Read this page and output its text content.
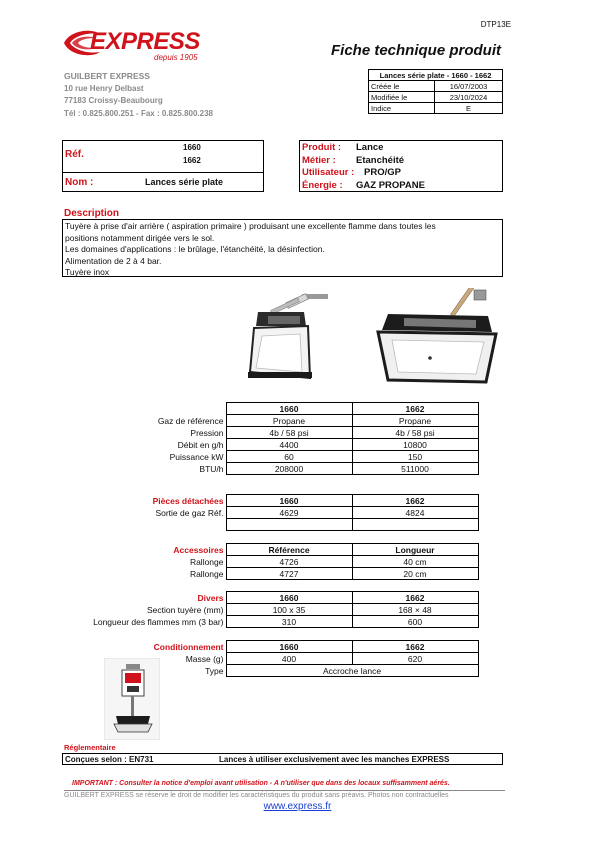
EXPRESS
depuis 1905
DTP13E
Fiche technique produit
GUILBERT EXPRESS
10 rue Henry Delbast
77183 Croissy-Beaubourg
Tél : 0.825.800.251 - Fax : 0.825.800.238
Lances série plate - 1660 - 1662	
Créée le	16/07/2003
Modifiée le	23/10/2024
Indice	E
Réf.
1660
1662
Nom :	Lances série plate
Produit : Lance
Métier : Etanchéité
Utilisateur : PRO/GP
Énergie : GAZ PROPANE
Description
Tuyère à prise d'air arrière ( aspiration primaire ) produisant une excellente flamme dans toutes les
positions notamment dirigée vers le sol.
Les domaines d'applications : le brûlage, l'étanchéité, la désinfection.
Alimentation de 2 à 4 bar.
Tuyère inox
	1660	1662
Gaz de référence	Propane	Propane
Pression	4b / 58 psi	4b / 58 psi
Débit en g/h	4400	10800
Puissance kW	60	150
BTU/h	208000	511000
Pièces détachées	1660	1662
Sortie de gaz Réf.	4629	4824

Accessoires	Référence	Longueur
Rallonge	4726	40 cm
Rallonge	4727	20 cm
Divers	1660	1662
Section tuyère (mm)	100 x 35	168 × 48
Longueur des flammes mm (3 bar)	310	600
Conditionnement	1660	1662
Masse (g)	400	620
Type	Accroche lance	
Réglementaire
Conçues selon : EN731	Lances à utiliser exclusivement avec les manches EXPRESS
IMPORTANT : Consulter la notice d'emploi avant utilisation - A n'utiliser que dans des locaux suffisamment aérés.
GUILBERT EXPRESS se réserve le droit de modifier les caractéristiques du produit sans préavis. Photos non contractuelles
www.express.fr
